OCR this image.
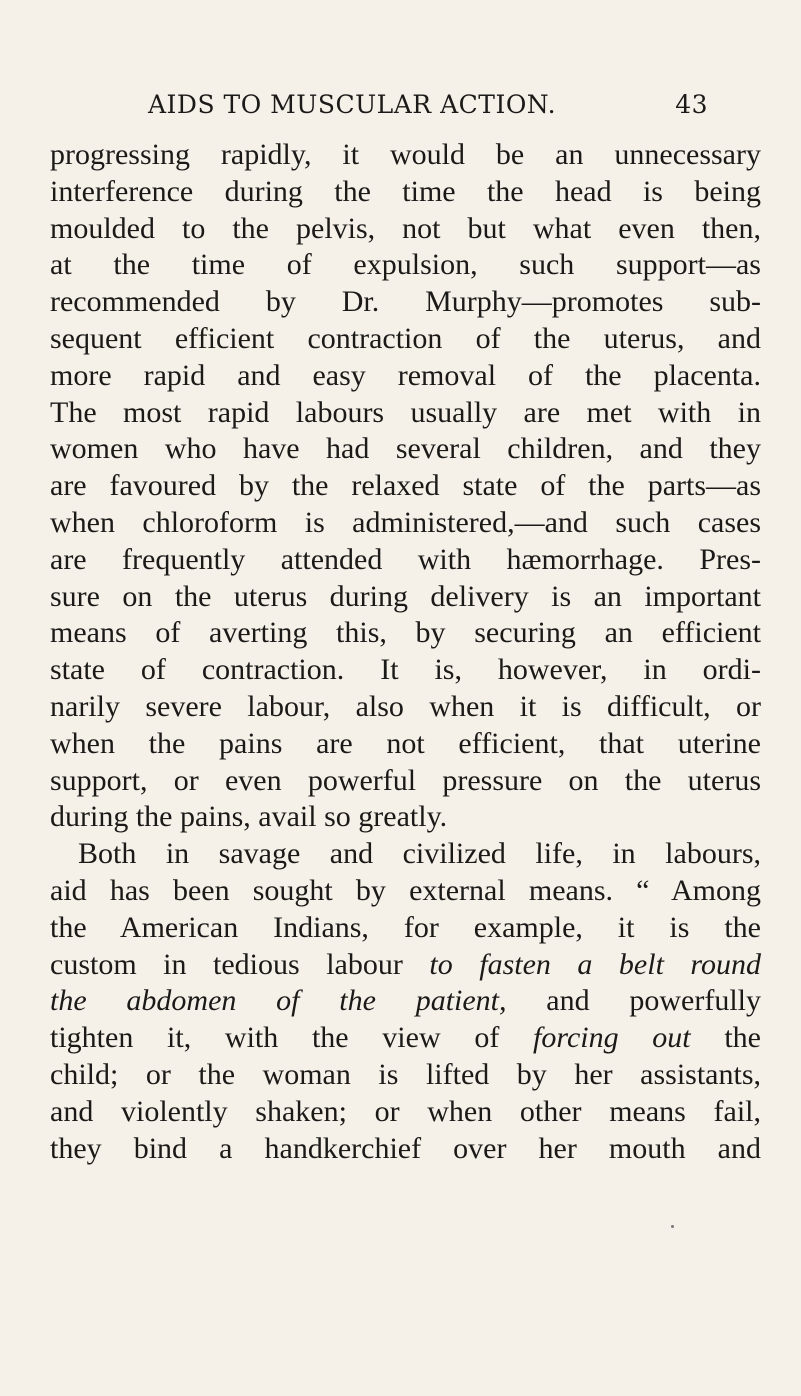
AIDS TO MUSCULAR ACTION.	43
progressing rapidly, it would be an unnecessary
interference during the time the head is being
moulded to the pelvis, not but what even then,
at the time of expulsion, such support—as
recommended by Dr. Murphy—promotes sub-
sequent efficient contraction of the uterus, and
more rapid and easy removal of the placenta.
The most rapid labours usually are met with in
women who have had several children, and they
are favoured by the relaxed state of the parts—as
when chloroform is administered,—and such cases
are frequently attended with hæmorrhage. Pres-
sure on the uterus during delivery is an important
means of averting this, by securing an efficient
state of contraction. It is, however, in ordi-
narily severe labour, also when it is difficult, or
when the pains are not efficient, that uterine
support, or even powerful pressure on the uterus
during the pains, avail so greatly.
Both in savage and civilized life, in labours,
aid has been sought by external means. “ Among
the American Indians, for example, it is the
custom in tedious labour to fasten a belt round
the abdomen of the patient, and powerfully
tighten it, with the view of forcing out the
child; or the woman is lifted by her assistants,
and violently shaken; or when other means fail,
they bind a handkerchief over her mouth and
